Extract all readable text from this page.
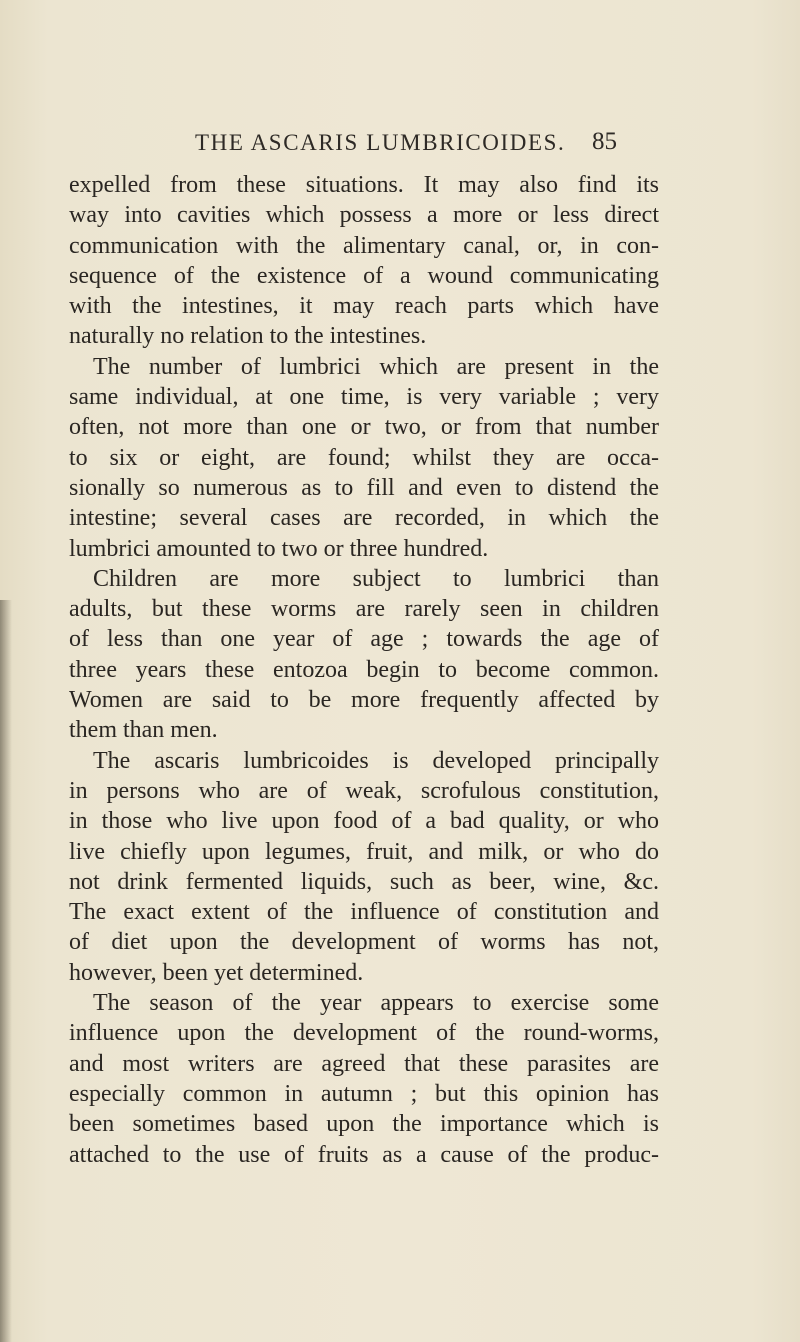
THE ASCARIS LUMBRICOIDES. 85
expelled from these situations. It may also find its
way into cavities which possess a more or less direct
communication with the alimentary canal, or, in con-
sequence of the existence of a wound communicating
with the intestines, it may reach parts which have
naturally no relation to the intestines.
The number of lumbrici which are present in the
same individual, at one time, is very variable ; very
often, not more than one or two, or from that number
to six or eight, are found; whilst they are occa-
sionally so numerous as to fill and even to distend the
intestine; several cases are recorded, in which the
lumbrici amounted to two or three hundred.
Children are more subject to lumbrici than
adults, but these worms are rarely seen in children
of less than one year of age ; towards the age of
three years these entozoa begin to become common.
Women are said to be more frequently affected by
them than men.
The ascaris lumbricoides is developed principally
in persons who are of weak, scrofulous constitution,
in those who live upon food of a bad quality, or who
live chiefly upon legumes, fruit, and milk, or who do
not drink fermented liquids, such as beer, wine, &c.
The exact extent of the influence of constitution and
of diet upon the development of worms has not,
however, been yet determined.
The season of the year appears to exercise some
influence upon the development of the round-worms,
and most writers are agreed that these parasites are
especially common in autumn ; but this opinion has
been sometimes based upon the importance which is
attached to the use of fruits as a cause of the produc-
